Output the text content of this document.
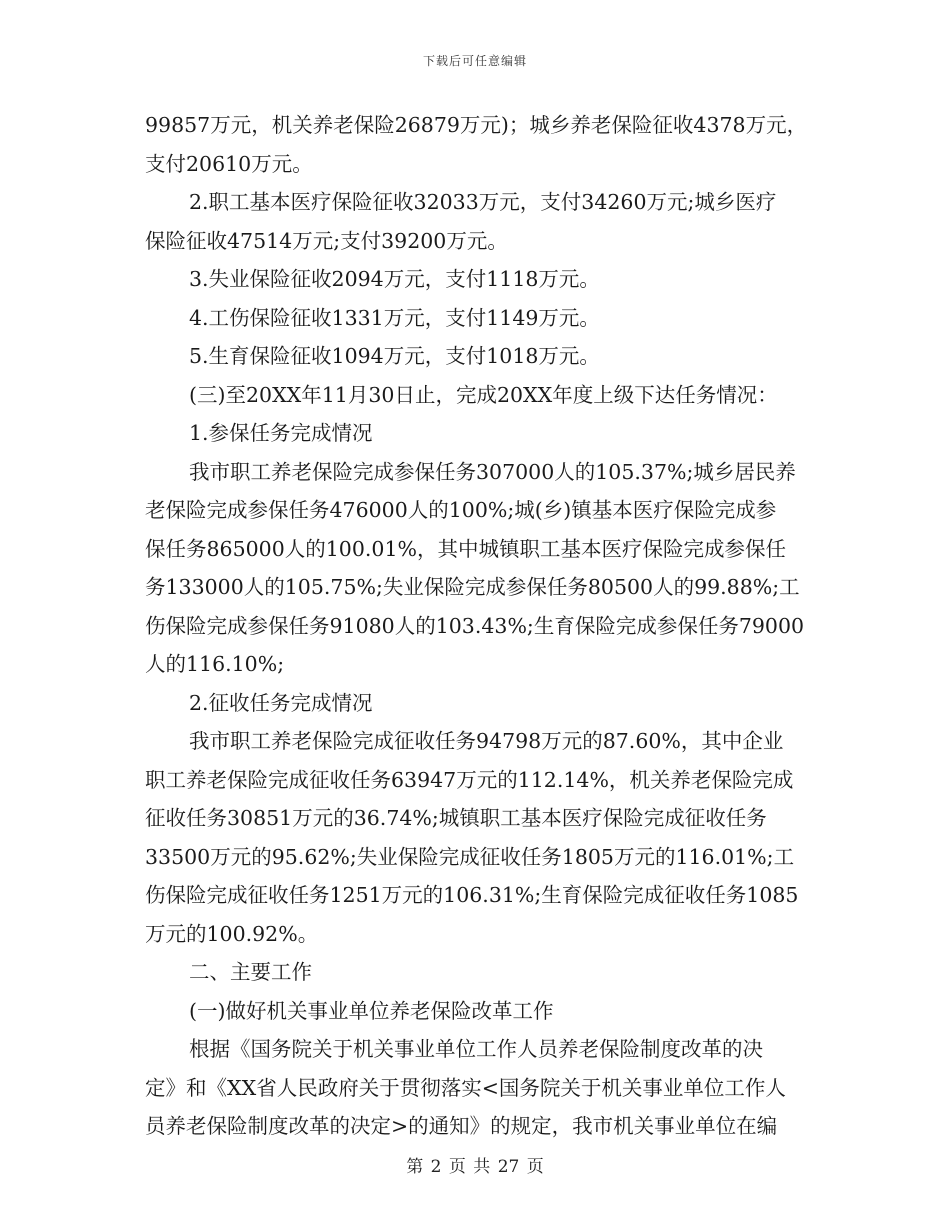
下载后可任意编辑
99857万元，机关养老保险26879万元)；城乡养老保险征收4378万元，
支付20610万元。
2.职工基本医疗保险征收32033万元，支付34260万元;城乡医疗
保险征收47514万元;支付39200万元。
3.失业保险征收2094万元，支付1118万元。
4.工伤保险征收1331万元，支付1149万元。
5.生育保险征收1094万元，支付1018万元。
(三)至20XX年11月30日止，完成20XX年度上级下达任务情况：
1.参保任务完成情况
我市职工养老保险完成参保任务307000人的105.37%;城乡居民养
老保险完成参保任务476000人的100%;城(乡)镇基本医疗保险完成参
保任务865000人的100.01%，其中城镇职工基本医疗保险完成参保任
务133000人的105.75%;失业保险完成参保任务80500人的99.88%;工
伤保险完成参保任务91080人的103.43%;生育保险完成参保任务79000
人的116.10%;
2.征收任务完成情况
我市职工养老保险完成征收任务94798万元的87.60%，其中企业
职工养老保险完成征收任务63947万元的112.14%，机关养老保险完成
征收任务30851万元的36.74%;城镇职工基本医疗保险完成征收任务
33500万元的95.62%;失业保险完成征收任务1805万元的116.01%;工
伤保险完成征收任务1251万元的106.31%;生育保险完成征收任务1085
万元的100.92%。
二、主要工作
(一)做好机关事业单位养老保险改革工作
根据《国务院关于机关事业单位工作人员养老保险制度改革的决
定》和《XX省人民政府关于贯彻落实<国务院关于机关事业单位工作人
员养老保险制度改革的决定>的通知》的规定，我市机关事业单位在编
第 2 页 共 27 页
